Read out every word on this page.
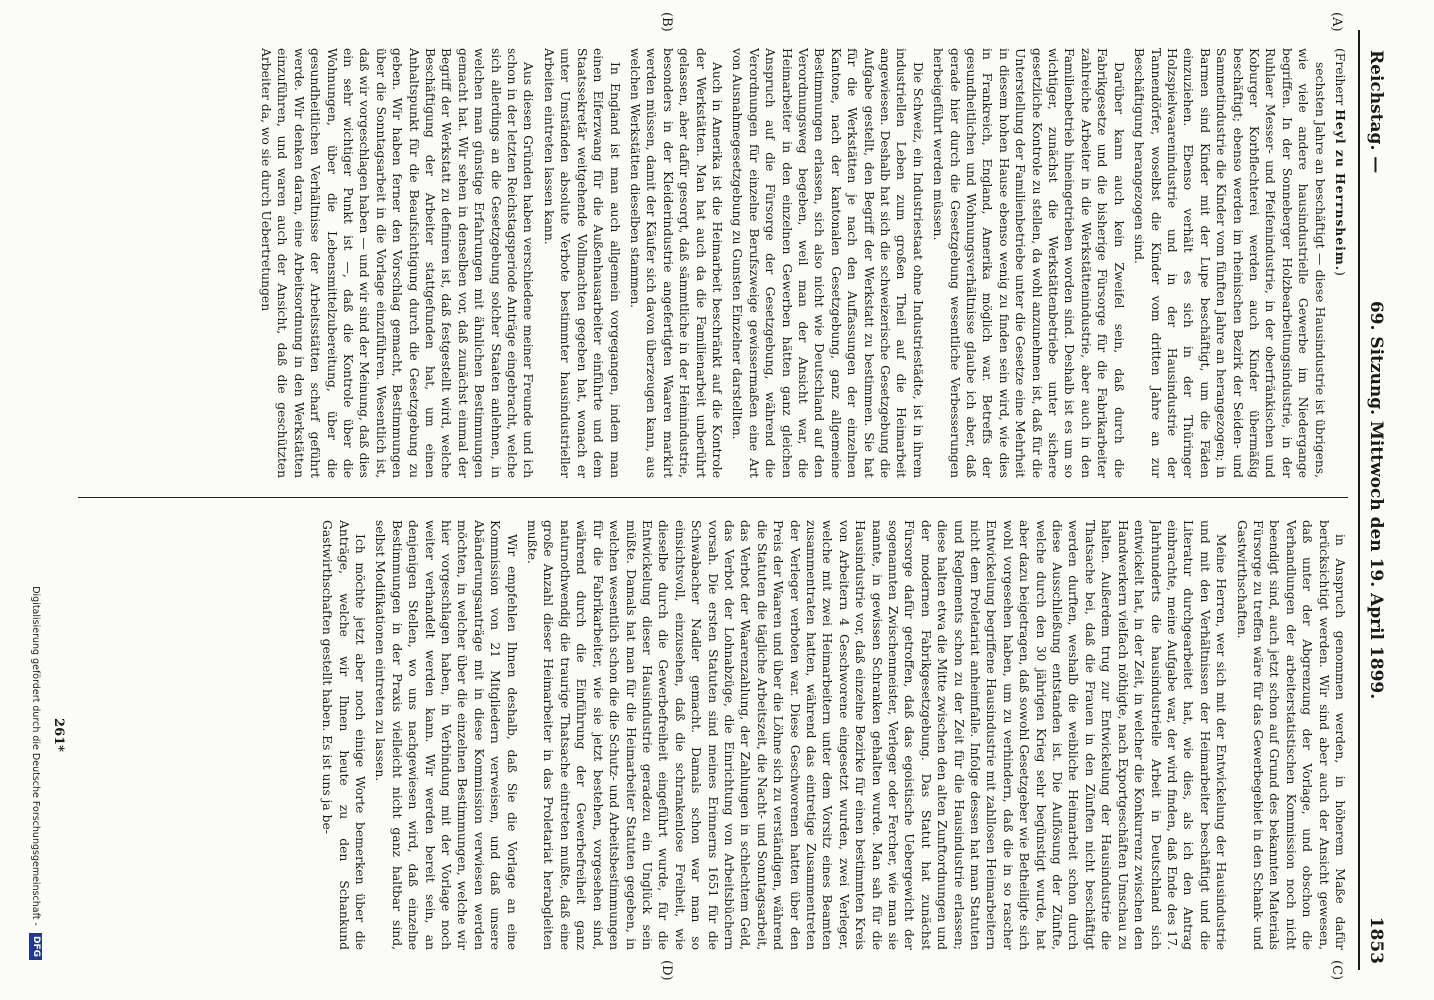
Reichstag. —
69. Sitzung. Mittwoch den 19. April 1899.
1853
(A)
(B)
(C)
(D)
(Freiherr Heyl zu Herrnsheim.)

sechsten Jahre an beschäftigt — diese Hausindustrie ist übrigens, wie viele andere hausindustrielle Gewerbe im Niedergange begriffen. In der Sonneberger Holzbearbeitungsindustrie, in der Ruhlaer Messer- und Pfeifenindustrie, in der oberfränkischen und Koburger Korbflechterei werden auch Kinder übermäßig beschäftigt; ebenso werden im rheinischen Bezirk der Seiden- und Sammetindustrie die Kinder vom fünften Jahre an herangezogen; in Barmen sind Kinder mit der Lupe beschäftigt, um die Fäden einzuziehen. Ebenso verhält es sich in der Thüringer Holzspielwaarenindustrie und in der Hausindustrie der Tannendörfer, woselbst die Kinder vom dritten Jahre an zur Beschäftigung herangezogen sind.

Darüber kann auch kein Zweifel sein, daß durch die Fabrikgesetze und die bisherige Fürsorge für die Fabrikarbeiter zahlreiche Arbeiter in die Werkstättenindustrie, aber auch in den Familienbetrieb hineingetrieben worden sind. Deshalb ist es um so wichtiger, zunächst die Werkstättenbetriebe unter sichere gesetzliche Kontrole zu stellen, da wohl anzunehmen ist, daß für die Unterstellung der Familienbetriebe unter die Gesetze eine Mehrheit in diesem hohen Hause ebenso wenig zu finden sein wird, wie dies in Frankreich, England, Amerika möglich war. Betreffs der gesundheitlichen und Wohnungsverhältnisse glaube ich aber, daß gerade hier durch die Gesetzgebung wesentliche Verbesserungen herbeigeführt werden müssen.

Die Schweiz, ein Industriestaat ohne Industriestädte, ist in ihrem industriellen Leben zum großen Theil auf die Heimarbeit angewiesen. Deshalb hat sich die schweizerische Gesetzgebung die Aufgabe gestellt, den Begriff der Werkstatt zu bestimmen. Sie hat für die Werkstätten je nach den Auffassungen der einzelnen Kantone, nach der kantonalen Gesetzgebung, ganz allgemeine Bestimmungen erlassen, sich also nicht wie Deutschland auf den Verordnungsweg begeben, weil man der Ansicht war, die Heimarbeiter in den einzelnen Gewerben hätten ganz gleichen Anspruch auf die Fürsorge der Gesetzgebung, während die Verordnungen für einzelne Berufszweige gewissermaßen eine Art von Ausnahmegesetzgebung zu Gunsten Einzelner darstellten.

Auch in Amerika ist die Heimarbeit beschränkt auf die Kontrole der Werkstätten. Man hat auch da die Familienarbeit unberührt gelassen, aber dafür gesorgt, daß sämmtliche in der Heimindustrie, besonders in der Kleiderindustrie angefertigten Waaren markirt werden müssen, damit der Käufer sich davon überzeugen kann, aus welchen Werkstätten dieselben stammen.

In England ist man auch allgemein vorgegangen, indem man einen Eiferzwang für die Außenhausarbeiter einführte und dem Staatssekretär weitgehende Vollmachten gegeben hat, wonach er unter Umständen absolute Verbote bestimmter hausindustrieller Arbeiten eintreten lassen kann.

Aus diesen Gründen haben verschiedene meiner Freunde und ich schon in der letzten Reichstagsperiode Anträge eingebracht, welche sich allerdings an die Gesetzgebung solcher Staaten anlehnen, in welchen man günstige Erfahrungen mit ähnlichen Bestimmungen gemacht hat. Wir sehen in denselben vor, daß zunächst einmal der Begriff der Werkstatt zu definiren ist, daß festgestellt wird, welche Beschäftigung der Arbeiter stattgefunden hat, um einen Anhaltspunkt für die Beaufsichtigung durch die Gesetzgebung zu geben. Wir haben ferner den Vorschlag gemacht, Bestimmungen über die Sonntagsarbeit in die Vorlage einzuführen. Wesentlich ist, daß wir vorgeschlagen haben — und wir sind der Meinung, daß dies ein sehr wichtiger Punkt ist —, daß die Kontrole über die Wohnungen, über die Lebensmittelzubereitung, über die gesundheitlichen Verhältnisse der Arbeitsstätten scharf geführt werde. Wir denken daran, eine Arbeitsordnung in den Werkstätten einzuführen, und waren auch der Ansicht, daß die geschützten Arbeiter da, wo sie durch Uebertretungen

in Anspruch genommen werden, in höherem Maße dafür berücksichtigt werden. Wir sind aber auch der Ansicht gewesen, daß unter der Abgrenzung der Vorlage, und obschon die Verhandlungen der arbeiterstatistischen Kommission noch nicht beendigt sind, auch jetzt schon auf Grund des bekannten Materials Fürsorge zu treffen wäre für das Gewerbegebiet in den Schank- und Gastwirthschaften.

Meine Herren, wer sich mit der Entwickelung der Hausindustrie und mit den Verhältnissen der Heimarbeiter beschäftigt und die Literatur durchgearbeitet hat, wie dies, als ich den Antrag einbrachte, meine Aufgabe war, der wird finden, daß Ende des 17. Jahrhunderts die hausindustrielle Arbeit in Deutschland sich entwickelt hat, in der Zeit, in welcher die Konkurrenz zwischen den Handwerkern vielfach nöthigte, nach Exportgeschäften Umschau zu halten. Außerdem trug zur Entwickelung der Hausindustrie die Thatsache bei, daß die Frauen in den Zünften nicht beschäftigt werden durften, weshalb die weibliche Heimarbeit schon durch diese Ausschließung entstanden ist. Die Auflösung der Zünfte, welche durch den 30 jährigen Krieg sehr begünstigt wurde, hat aber dazu beigetragen, daß sowohl Gesetzgeber wie Betheiligte sich wohl vorgesehen haben, um zu verhindern, daß die in so rascher Entwickelung begriffene Hausindustrie mit zahllosen Heimarbeitern nicht dem Proletariat anheimfalle. Infolge dessen hat man Statuten und Reglements schon zu der Zeit für die Hausindustrie erlassen; diese halten etwa die Mitte zwischen den alten Zunftordnungen und der modernen Fabrikgesetzgebung. Das Statut hat zunächst Fürsorge dafür getroffen, daß das egoistische Uebergewicht der sogenannten Zwischenmeister, Verleger oder Fercher, wie man sie nannte, in gewissen Schranken gehalten wurde. Man sah für die Hausindustrie vor, daß einzelne Bezirke für einen bestimmten Kreis von Arbeitern 4 Geschworene eingesetzt wurden, zwei Verleger, welche mit zwei Heimarbeitern unter dem Vorsitz eines Beamten zusammentraten hatten, während das eintretige Zusammentreten der Verleger verboten war. Diese Geschworenen hatten über den Preis der Waaren und über die Löhne sich zu verständigen, während die Statuten die tägliche Arbeitszeit, die Nacht- und Sonntagsarbeit, das Verbot der Waarenzahlung, der Zahlungen in schlechtem Geld, das Verbot der Lohnabzüge, die Einrichtung von Arbeitsbüchern vorsah. Die ersten Statuten sind meines Erinnerns 1651 für die Schwabacher Nadler gemacht. Damals schon war man so einsichtsvoll, einzusehen, daß die schrankenlose Freiheit, wie dieselbe durch die Gewerbefreiheit eingeführt wurde, für die Entwickelung dieser Hausindustrie geradezu ein Unglück sein müßte. Damals hat man für die Heimarbeiter Statuten gegeben, in welchen wesentlich schon die die Schutz- und Arbeitsbestimmungen für die Fabrikarbeiter, wie sie jetzt bestehen, vorgesehen sind, während durch die Einführung der Gewerbefreiheit ganz naturnothwendig die traurige Thatsache eintreten mußte, daß eine große Anzahl dieser Heimarbeiter in das Proletariat herabgleiten mußte.

Wir empfehlen Ihnen deshalb, daß Sie die Vorlage an eine Kommission von 21 Mitgliedern verweisen, und daß unsere Abänderungsanträge mit in diese Kommission verwiesen werden möchten, in welcher über die einzelnen Bestimmungen, welche wir hier vorgeschlagen haben, in Verbindung mit der Vorlage noch weiter verhandelt werden kann. Wir werden bereit sein, an denjenigen Stellen, wo uns nachgewiesen wird, daß einzelne Bestimmungen in der Praxis vielleicht nicht ganz haltbar sind, selbst Modifikationen eintreten zu lassen.

Ich möchte jetzt aber noch einige Worte bemerken über die Anträge, welche wir Ihnen heute zu den Schankund Gastwirthschaften gestellt haben. Es ist uns ja be-

261*
Digitalisierung gefördert durch die Deutsche Forschungsgemeinschaft - DFG
